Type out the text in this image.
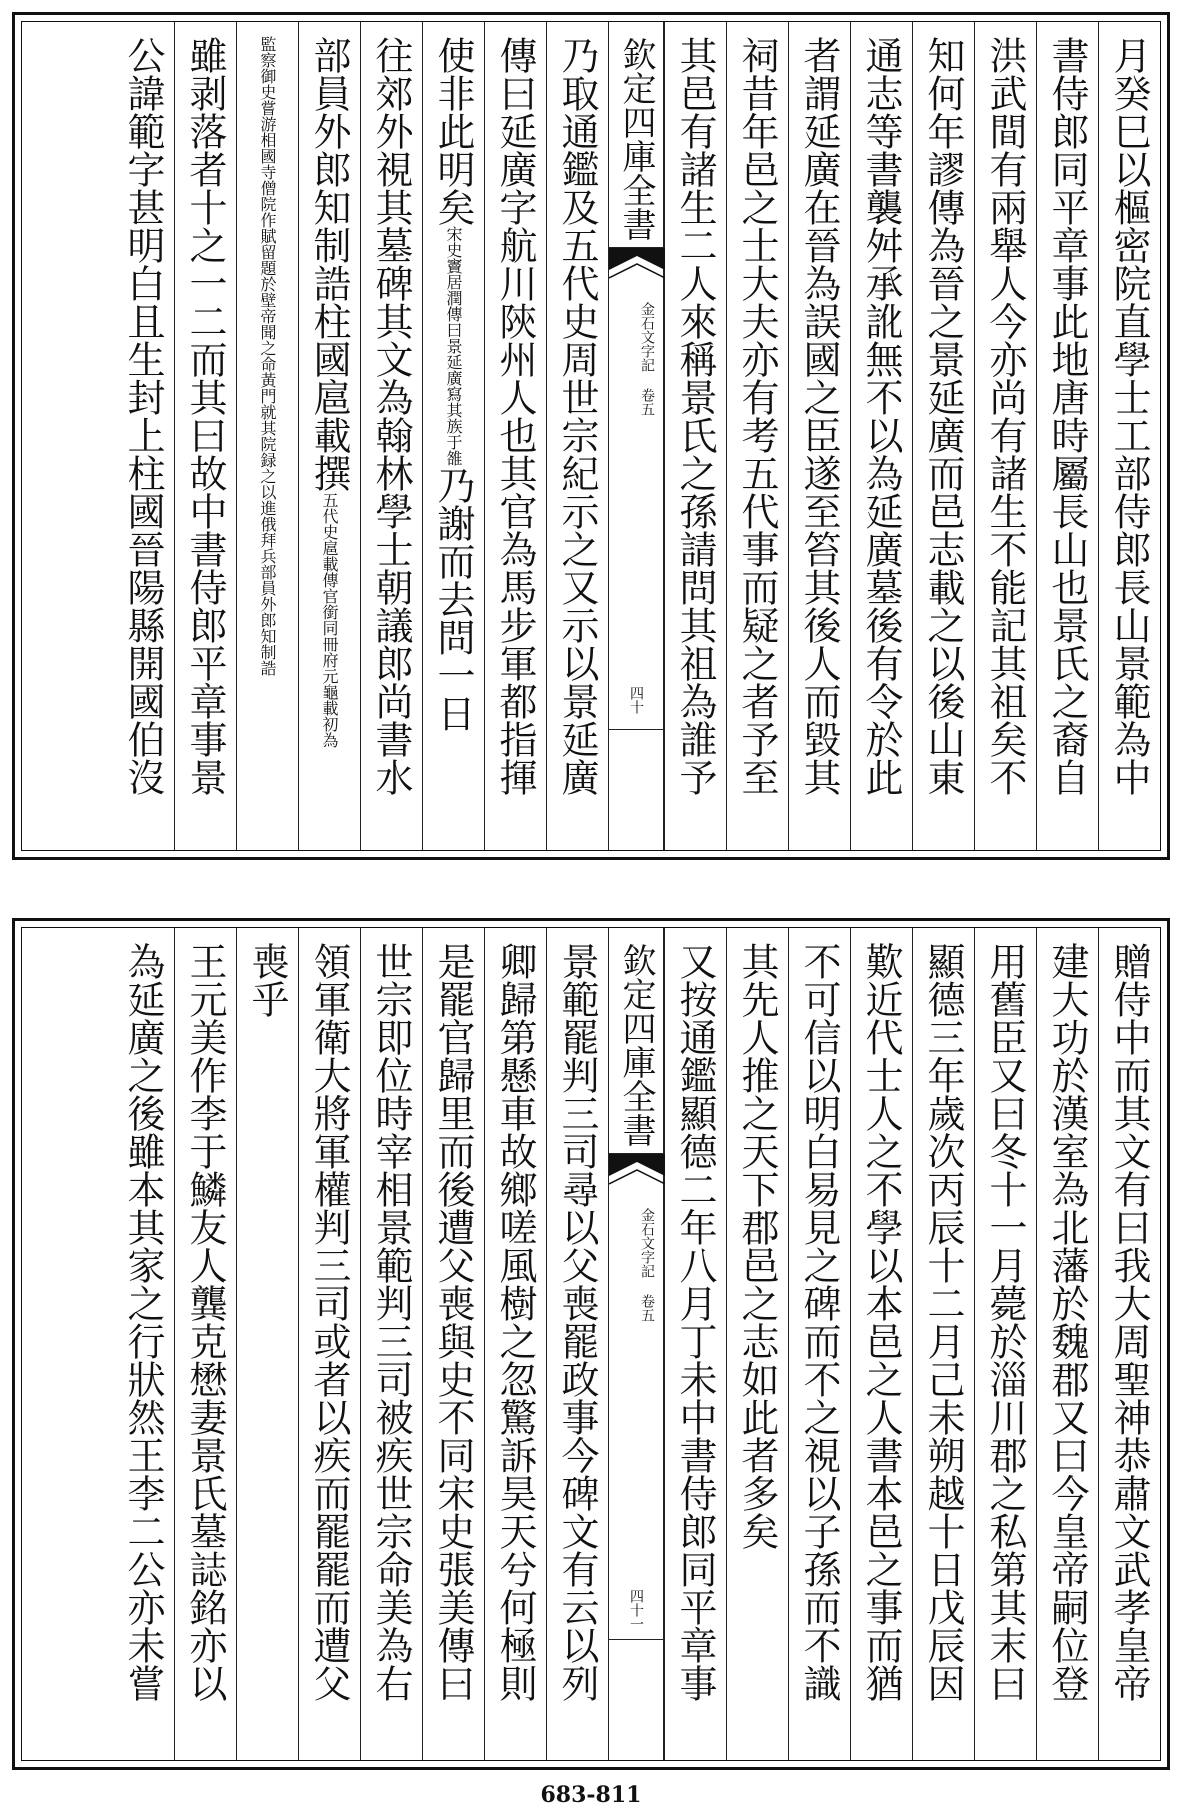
月癸巳以樞密院直學士工部侍郎長山景範為中
書侍郎同平章事此地唐時屬長山也景氏之裔自
洪武間有兩舉人今亦尚有諸生不能記其祖矣不
知何年謬傳為晉之景延廣而邑志載之以後山東
通志等書襲舛承訛無不以為延廣墓後有令於此
者謂延廣在晉為誤國之臣遂至笞其後人而毀其
祠昔年邑之士大夫亦有考五代事而疑之者予至
其邑有諸生二人來稱景氏之孫請問其祖為誰予
欽定四庫全書
金石文字記 卷五
四十
乃取通鑑及五代史周世宗紀示之又示以景延廣
傳曰延廣字航川陝州人也其官為馬步軍都指揮
使非此明矣宋史竇居潤傳曰景延廣寫其族于雒乃謝而去問一日
往郊外視其墓碑其文為翰林學士朝議郎尚書水
部員外郎知制誥柱國扈載撰五代史扈載傳官銜同冊府元龜載初為
監察御史嘗游相國寺僧院作賦留題於壁帝聞之命黃門就其院録之以進俄拜兵部員外郎知制誥
雖剥落者十之一二而其曰故中書侍郎平章事景
公諱範字甚明白且生封上柱國晉陽縣開國伯沒
贈侍中而其文有曰我大周聖神恭肅文武孝皇帝
建大功於漢室為北藩於魏郡又曰今皇帝嗣位登
用舊臣又曰冬十一月薨於淄川郡之私第其末曰
顯德三年歲次丙辰十二月己未朔越十日戊辰因
歎近代士人之不學以本邑之人書本邑之事而猶
不可信以明白易見之碑而不之視以子孫而不識
其先人推之天下郡邑之志如此者多矣
又按通鑑顯德二年八月丁未中書侍郎同平章事
欽定四庫全書
金石文字記 卷五
四十一
景範罷判三司尋以父喪罷政事今碑文有云以列
卿歸第懸車故鄉嗟風樹之忽驚訴昊天兮何極則
是罷官歸里而後遭父喪與史不同宋史張美傳曰
世宗即位時宰相景範判三司被疾世宗命美為右
領軍衛大將軍權判三司或者以疾而罷罷而遭父
喪乎
王元美作李于鱗友人龔克懋妻景氏墓誌銘亦以
為延廣之後雖本其家之行狀然王李二公亦未嘗
683-811
